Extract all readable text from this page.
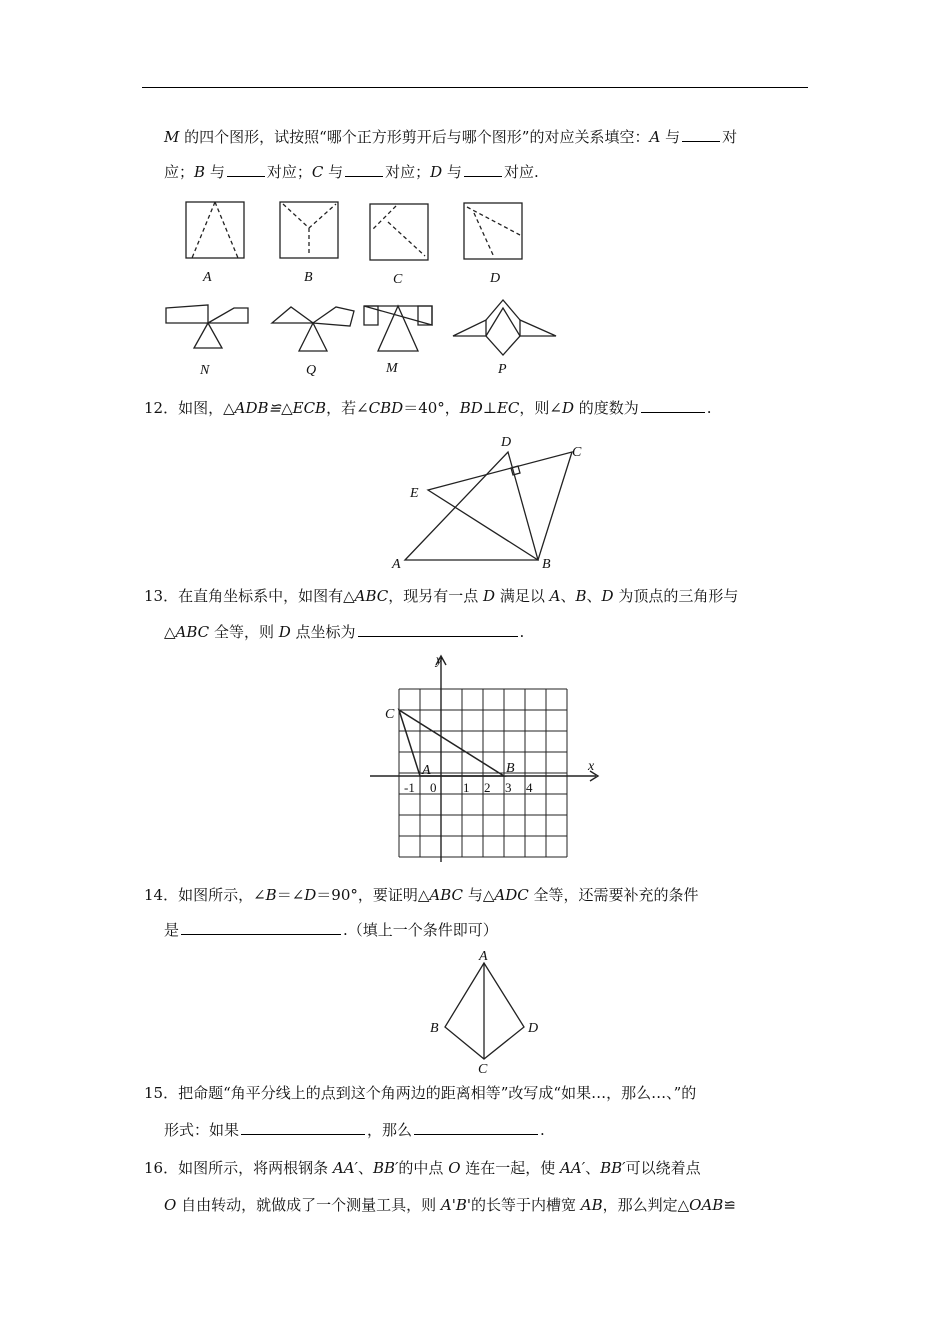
M 的四个图形，试按照“哪个正方形剪开后与哪个图形”的对应关系填空：A 与	对
应；B 与	对应；C 与	对应；D 与	对应.
A	B	C	D
N	Q	M	P
12．如图，△ADB≌△ECB，若∠CBD＝40°，BD⊥EC，则∠D 的度数为	.
D
C
E
A	B
13．在直角坐标系中，如图有△ABC，现另有一点 D 满足以 A、B、D 为顶点的三角形与
△ABC 全等，则 D 点坐标为	.
y
x
C
A	B
-1 0 1 2 3 4
14．如图所示，∠B＝∠D＝90°，要证明△ABC 与△ADC 全等，还需要补充的条件
是	.（填上一个条件即可）
A
B
C
D
15．把命题“角平分线上的点到这个角两边的距离相等”改写成“如果…，那么…、”的
形式：如果	，那么	.
16．如图所示，将两根钢条 AA′、BB′的中点 O 连在一起，使 AA′、BB′可以绕着点
O 自由转动，就做成了一个测量工具，则 A'B'的长等于内槽宽 AB，那么判定△OAB≌
